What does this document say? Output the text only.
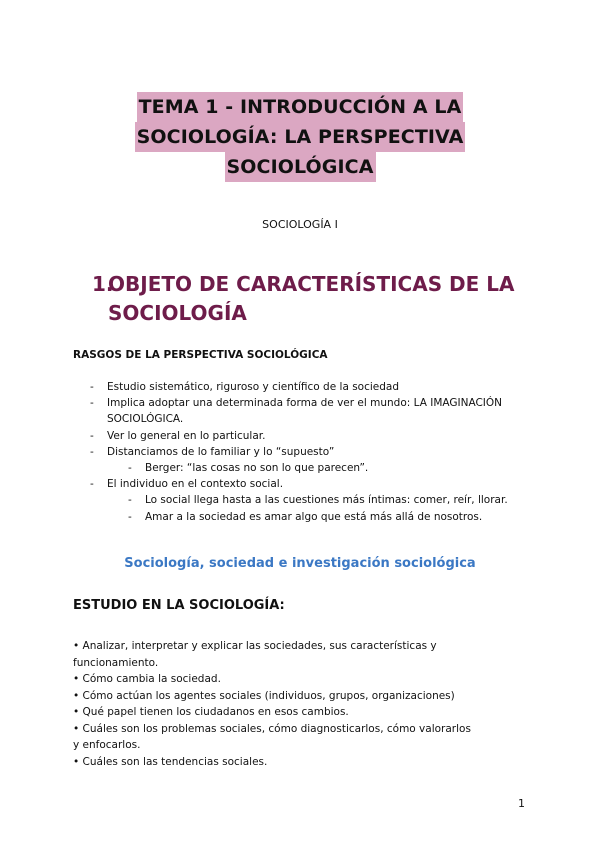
TEMA 1 - INTRODUCCIÓN A LA
SOCIOLOGÍA: LA PERSPECTIVA
SOCIOLÓGICA
SOCIOLOGÍA I
1.
OBJETO DE CARACTERÍSTICAS DE LA
SOCIOLOGÍA
RASGOS DE LA PERSPECTIVA SOCIOLÓGICA
- Estudio sistemático, riguroso y científico de la sociedad
- Implica adoptar una determinada forma de ver el mundo: LA IMAGINACIÓN SOCIOLÓGICA.
- Ver lo general en lo particular.
- Distanciamos de lo familiar y lo “supuesto”
- Berger: “las cosas no son lo que parecen”.
- El individuo en el contexto social.
- Lo social llega hasta a las cuestiones más íntimas: comer, reír, llorar.
- Amar a la sociedad es amar algo que está más allá de nosotros.
Sociología, sociedad e investigación sociológica
ESTUDIO EN LA SOCIOLOGÍA:

• Analizar, interpretar y explicar las sociedades, sus características y funcionamiento.

• Cómo cambia la sociedad.

• Cómo actúan los agentes sociales (individuos, grupos, organizaciones)

• Qué papel tienen los ciudadanos en esos cambios.

• Cuáles son los problemas sociales, cómo diagnosticarlos, cómo valorarlos y enfocarlos.

• Cuáles son las tendencias sociales.

1
